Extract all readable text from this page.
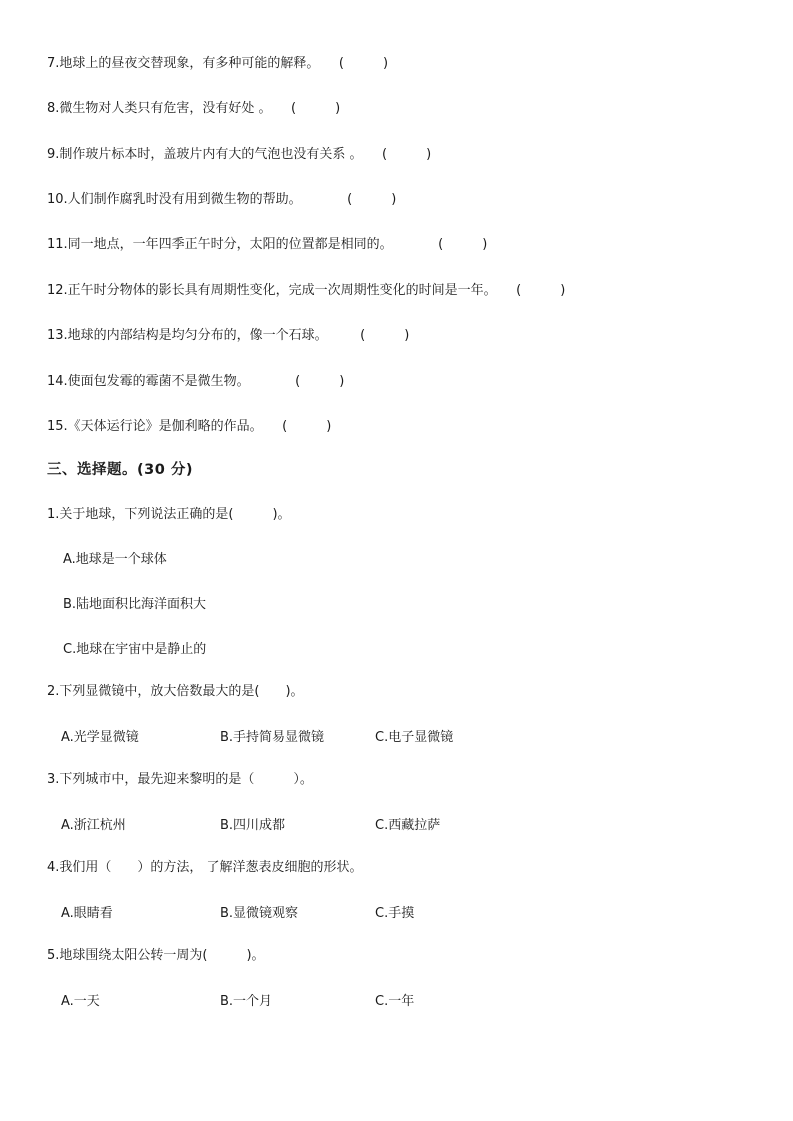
7.地球上的昼夜交替现象，有多种可能的解释。　　(　　　)
8.微生物对人类只有危害，没有好处 。　　(　　　)
9.制作玻片标本时，盖玻片内有大的气泡也没有关系 。　　(　　　)
10.人们制作腐乳时没有用到微生物的帮助。　　　　(　　　)
11.同一地点，一年四季正午时分，太阳的位置都是相同的。　　　　(　　　)
12.正午时分物体的影长具有周期性变化，完成一次周期性变化的时间是一年。　　(　　　)
13.地球的内部结构是均匀分布的，像一个石球。　　　(　　　)
14.使面包发霉的霉菌不是微生物。　　　　(　　　)
15.《天体运行论》是伽利略的作品。　　(　　　)
三、选择题。(30 分)
1.关于地球，下列说法正确的是(　　　)。
A.地球是一个球体
B.陆地面积比海洋面积大
C.地球在宇宙中是静止的
2.下列显微镜中，放大倍数最大的是(　　)。
A.光学显微镜	B.手持简易显微镜	C.电子显微镜
3.下列城市中，最先迎来黎明的是（　　　）。
A.浙江杭州	B.四川成都	C.西藏拉萨
4.我们用（　　）的方法， 了解洋葱表皮细胞的形状。
A.眼睛看	B.显微镜观察	C.手摸
5.地球围绕太阳公转一周为(　　　)。
A.一天	B.一个月	C.一年
